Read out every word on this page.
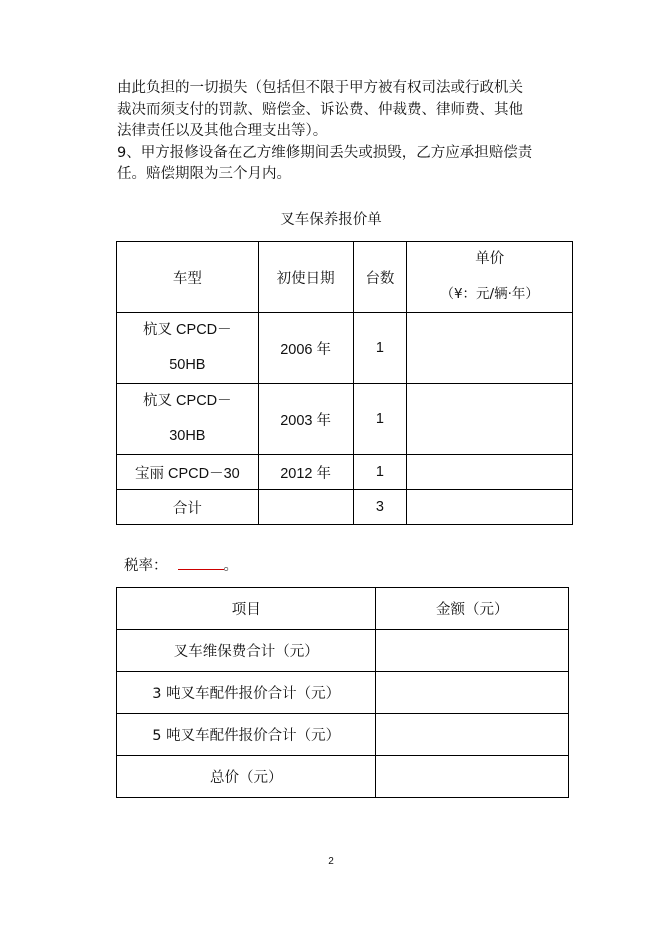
由此负担的一切损失（包括但不限于甲方被有权司法或行政机关
裁决而须支付的罚款、赔偿金、诉讼费、仲裁费、律师费、其他
法律责任以及其他合理支出等）。
9、甲方报修设备在乙方维修期间丢失或损毁，乙方应承担赔偿责
任。赔偿期限为三个月内。
叉车保养报价单
车型	初使日期	台数	单价
（¥：元/辆·年）

杭叉 CPCD－
50HB	2006 年	1	

杭叉 CPCD－
30HB	2003 年	1	
宝丽 CPCD－30	2012 年	1	
合计		3	
税率：	。
项目	金额（元）
叉车维保费合计（元）	
3 吨叉车配件报价合计（元）	
5 吨叉车配件报价合计（元）	
总价（元）	
2
